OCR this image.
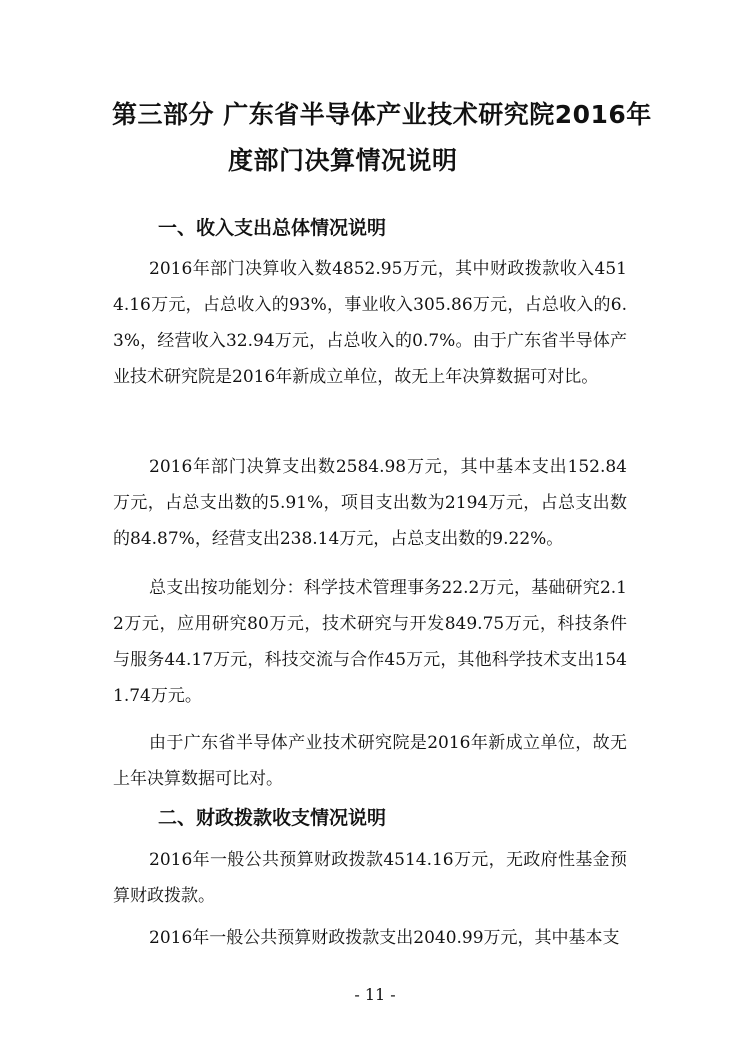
第三部分 广东省半导体产业技术研究院2016年
度部门决算情况说明
一、收入支出总体情况说明
2016年部门决算收入数4852.95万元，其中财政拨款收入4514.16万元，占总收入的93%，事业收入305.86万元，占总收入的6.3%，经营收入32.94万元，占总收入的0.7%。由于广东省半导体产业技术研究院是2016年新成立单位，故无上年决算数据可对比。
2016年部门决算支出数2584.98万元，其中基本支出152.84万元，占总支出数的5.91%，项目支出数为2194万元，占总支出数的84.87%，经营支出238.14万元，占总支出数的9.22%。
总支出按功能划分：科学技术管理事务22.2万元，基础研究2.12万元，应用研究80万元，技术研究与开发849.75万元，科技条件与服务44.17万元，科技交流与合作45万元，其他科学技术支出1541.74万元。
由于广东省半导体产业技术研究院是2016年新成立单位，故无上年决算数据可比对。
二、财政拨款收支情况说明
2016年一般公共预算财政拨款4514.16万元，无政府性基金预算财政拨款。
2016年一般公共预算财政拨款支出2040.99万元，其中基本支
- 11 -
